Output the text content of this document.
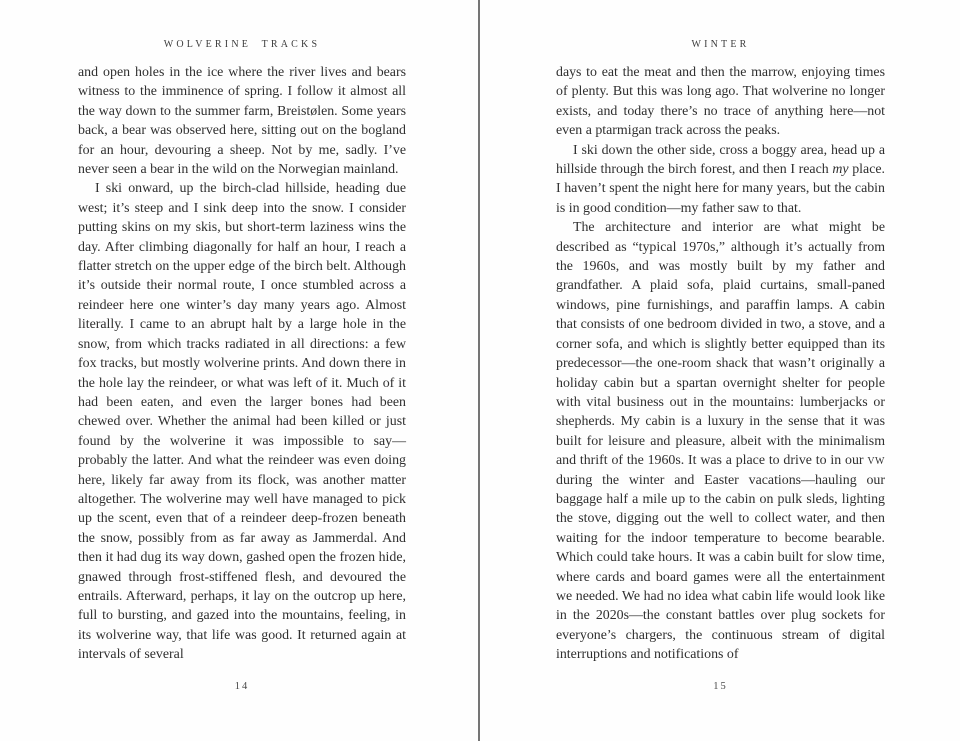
WOLVERINE TRACKS

and open holes in the ice where the river lives and bears witness to the imminence of spring. I follow it almost all the way down to the summer farm, Breistølen. Some years back, a bear was observed here, sitting out on the bogland for an hour, devouring a sheep. Not by me, sadly. I’ve never seen a bear in the wild on the Norwegian mainland.

I ski onward, up the birch-clad hillside, heading due west; it’s steep and I sink deep into the snow. I consider putting skins on my skis, but short-term laziness wins the day. After climbing diagonally for half an hour, I reach a flatter stretch on the upper edge of the birch belt. Although it’s outside their normal route, I once stumbled across a reindeer here one winter’s day many years ago. Almost literally. I came to an abrupt halt by a large hole in the snow, from which tracks radiated in all directions: a few fox tracks, but mostly wolverine prints. And down there in the hole lay the reindeer, or what was left of it. Much of it had been eaten, and even the larger bones had been chewed over. Whether the animal had been killed or just found by the wolverine it was impossible to say—probably the latter. And what the reindeer was even doing here, likely far away from its flock, was another matter altogether. The wolverine may well have managed to pick up the scent, even that of a reindeer deep-frozen beneath the snow, possibly from as far away as Jammerdal. And then it had dug its way down, gashed open the frozen hide, gnawed through frost-stiffened flesh, and devoured the entrails. Afterward, perhaps, it lay on the outcrop up here, full to bursting, and gazed into the mountains, feeling, in its wolverine way, that life was good. It returned again at intervals of several

14
WINTER

days to eat the meat and then the marrow, enjoying times of plenty. But this was long ago. That wolverine no longer exists, and today there’s no trace of anything here—not even a ptarmigan track across the peaks.

I ski down the other side, cross a boggy area, head up a hillside through the birch forest, and then I reach my place. I haven’t spent the night here for many years, but the cabin is in good condition—my father saw to that.

The architecture and interior are what might be described as “typical 1970s,” although it’s actually from the 1960s, and was mostly built by my father and grandfather. A plaid sofa, plaid curtains, small-paned windows, pine furnishings, and paraffin lamps. A cabin that consists of one bedroom divided in two, a stove, and a corner sofa, and which is slightly better equipped than its predecessor—the one-room shack that wasn’t originally a holiday cabin but a spartan overnight shelter for people with vital business out in the mountains: lumberjacks or shepherds. My cabin is a luxury in the sense that it was built for leisure and pleasure, albeit with the minimalism and thrift of the 1960s. It was a place to drive to in our vw during the winter and Easter vacations—hauling our baggage half a mile up to the cabin on pulk sleds, lighting the stove, digging out the well to collect water, and then waiting for the indoor temperature to become bearable. Which could take hours. It was a cabin built for slow time, where cards and board games were all the entertainment we needed. We had no idea what cabin life would look like in the 2020s—the constant battles over plug sockets for everyone’s chargers, the continuous stream of digital interruptions and notifications of

15
